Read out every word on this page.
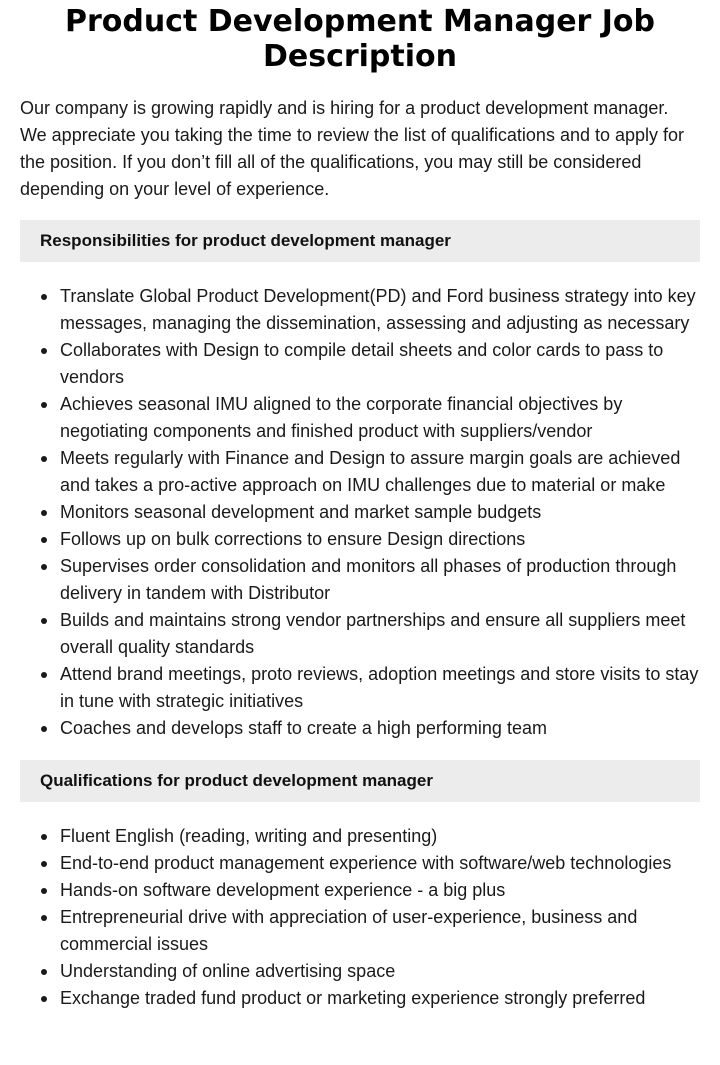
Product Development Manager Job Description

Our company is growing rapidly and is hiring for a product development manager. We appreciate you taking the time to review the list of qualifications and to apply for the position. If you don’t fill all of the qualifications, you may still be considered depending on your level of experience.

Responsibilities for product development manager
Translate Global Product Development(PD) and Ford business strategy into key messages, managing the dissemination, assessing and adjusting as necessary
Collaborates with Design to compile detail sheets and color cards to pass to vendors
Achieves seasonal IMU aligned to the corporate financial objectives by negotiating components and finished product with suppliers/vendor
Meets regularly with Finance and Design to assure margin goals are achieved and takes a pro-active approach on IMU challenges due to material or make
Monitors seasonal development and market sample budgets
Follows up on bulk corrections to ensure Design directions
Supervises order consolidation and monitors all phases of production through delivery in tandem with Distributor
Builds and maintains strong vendor partnerships and ensure all suppliers meet overall quality standards
Attend brand meetings, proto reviews, adoption meetings and store visits to stay in tune with strategic initiatives
Coaches and develops staff to create a high performing team
Qualifications for product development manager
Fluent English (reading, writing and presenting)
End-to-end product management experience with software/web technologies
Hands-on software development experience - a big plus
Entrepreneurial drive with appreciation of user-experience, business and commercial issues
Understanding of online advertising space
Exchange traded fund product or marketing experience strongly preferred
